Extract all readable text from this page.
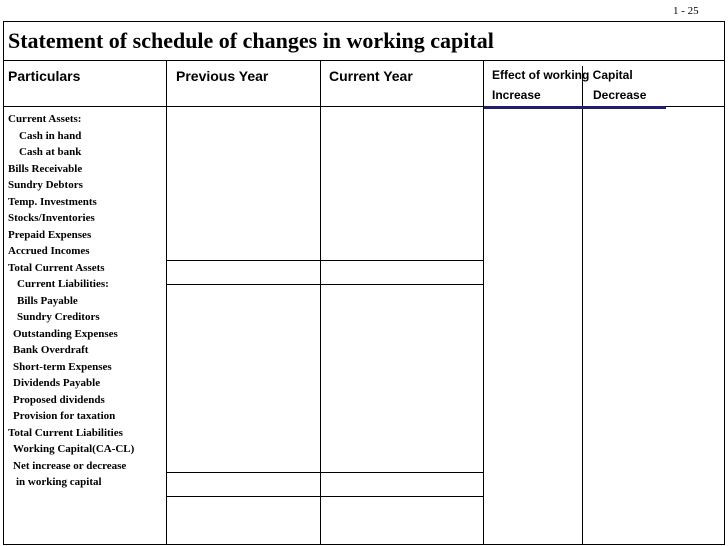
1 - 25
Statement of schedule of changes in working capital
Particulars	Previous Year	Current Year	Effect of working Capital
Increase	Decrease
Current Assets:
Cash in hand
Cash at bank
Bills Receivable
Sundry Debtors
Temp. Investments
Stocks/Inventories
Prepaid Expenses
Accrued Incomes
Total Current Assets
Current Liabilities:
Bills Payable
Sundry Creditors
Outstanding Expenses
Bank Overdraft
Short-term Expenses
Dividends Payable
Proposed dividends
Provision for taxation
Total Current Liabilities
Working Capital(CA-CL)
Net increase or decrease
in working capital
